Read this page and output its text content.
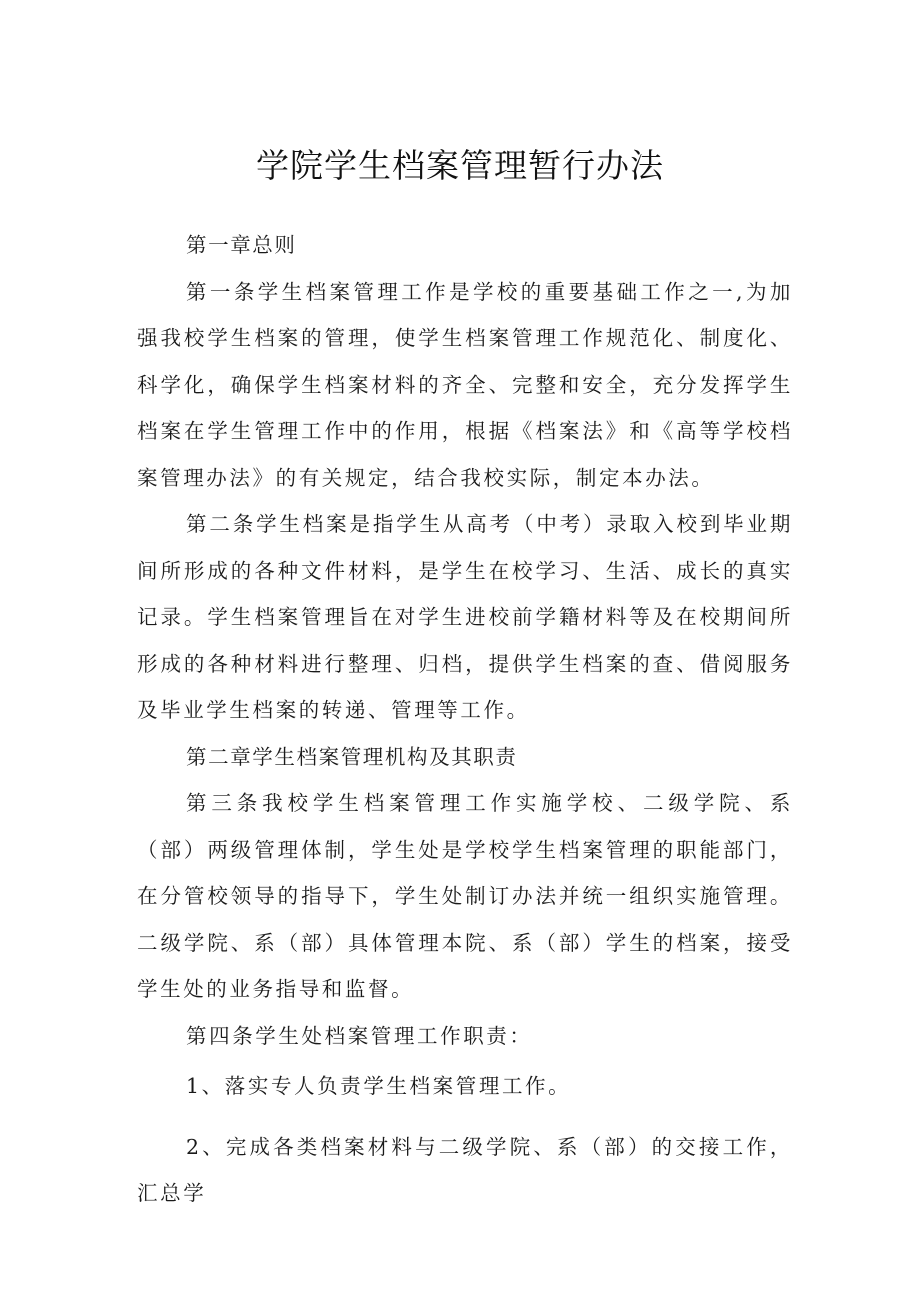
学院学生档案管理暂行办法

第一章总则

第一条学生档案管理工作是学校的重要基础工作之一,为加强我校学生档案的管理，使学生档案管理工作规范化、制度化、科学化，确保学生档案材料的齐全、完整和安全，充分发挥学生档案在学生管理工作中的作用，根据《档案法》和《高等学校档案管理办法》的有关规定，结合我校实际，制定本办法。

第二条学生档案是指学生从高考（中考）录取入校到毕业期间所形成的各种文件材料，是学生在校学习、生活、成长的真实记录。学生档案管理旨在对学生进校前学籍材料等及在校期间所形成的各种材料进行整理、归档，提供学生档案的查、借阅服务及毕业学生档案的转递、管理等工作。

第二章学生档案管理机构及其职责

第三条我校学生档案管理工作实施学校、二级学院、系（部）两级管理体制，学生处是学校学生档案管理的职能部门，在分管校领导的指导下，学生处制订办法并统一组织实施管理。二级学院、系（部）具体管理本院、系（部）学生的档案，接受学生处的业务指导和监督。

第四条学生处档案管理工作职责：

1、落实专人负责学生档案管理工作。

2、完成各类档案材料与二级学院、系（部）的交接工作，汇总学
